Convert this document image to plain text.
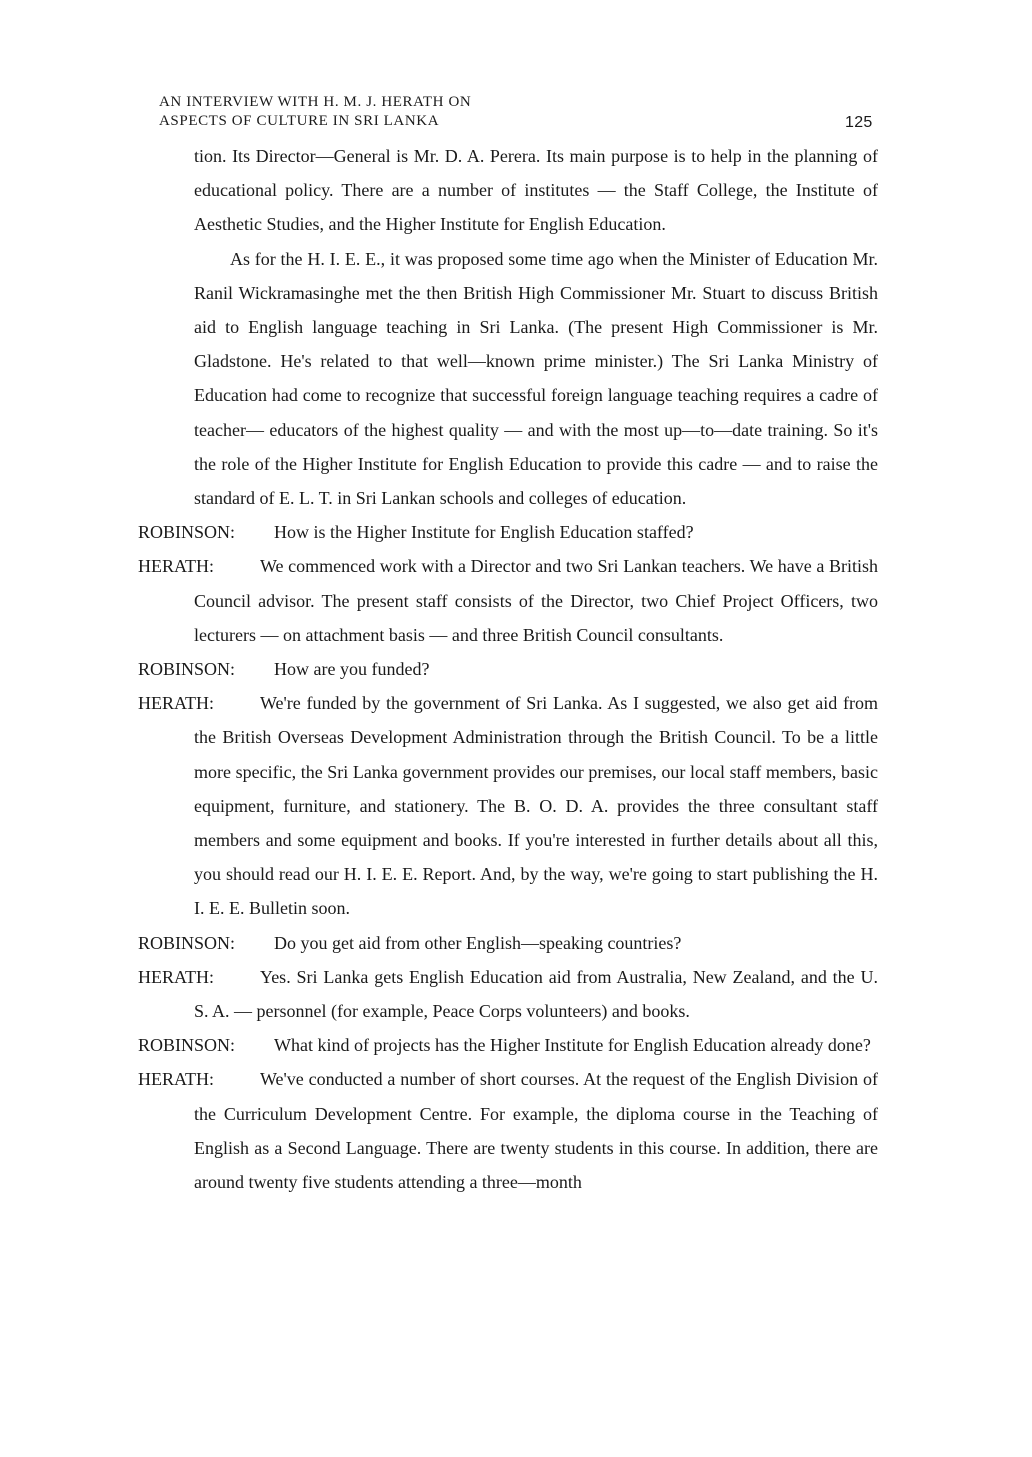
AN INTERVIEW WITH H. M. J. HERATH ON
ASPECTS OF CULTURE IN SRI LANKA	125

tion. Its Director—General is Mr. D. A. Perera. Its main purpose is to help in the planning of educational policy. There are a number of institutes — the Staff College, the Institute of Aesthetic Studies, and the Higher Institute for English Education.

As for the H. I. E. E., it was proposed some time ago when the Minister of Education Mr. Ranil Wickramasinghe met the then British High Commissioner Mr. Stuart to discuss British aid to English language teaching in Sri Lanka. (The present High Commissioner is Mr. Gladstone. He's related to that well—known prime minister.) The Sri Lanka Ministry of Education had come to recognize that successful foreign language teaching requires a cadre of teacher— educators of the highest quality — and with the most up—to—date training. So it's the role of the Higher Institute for English Education to provide this cadre — and to raise the standard of E. L. T. in Sri Lankan schools and colleges of education.

ROBINSON: How is the Higher Institute for English Education staffed?

HERATH:	We commenced work with a Director and two Sri Lankan teachers. We have a British Council advisor. The present staff consists of the Director, two Chief Project Officers, two lecturers — on attachment basis — and three British Council consultants.

ROBINSON: How are you funded?

HERATH:	We're funded by the government of Sri Lanka. As I suggested, we also get aid from the British Overseas Development Administration through the British Council. To be a little more specific, the Sri Lanka government provides our premises, our local staff members, basic equipment, furniture, and stationery. The B. O. D. A. provides the three consultant staff members and some equipment and books. If you're interested in further details about all this, you should read our H. I. E. E. Report. And, by the way, we're going to start publishing the H. I. E. E. Bulletin soon.

ROBINSON: Do you get aid from other English—speaking countries?

HERATH:	Yes. Sri Lanka gets English Education aid from Australia, New Zealand, and the U. S. A. — personnel (for example, Peace Corps volunteers) and books.

ROBINSON: What kind of projects has the Higher Institute for English Education already done?

HERATH:	We've conducted a number of short courses. At the request of the English Division of the Curriculum Development Centre. For example, the diploma course in the Teaching of English as a Second Language. There are twenty students in this course. In addition, there are around twenty five students attending a three—month
